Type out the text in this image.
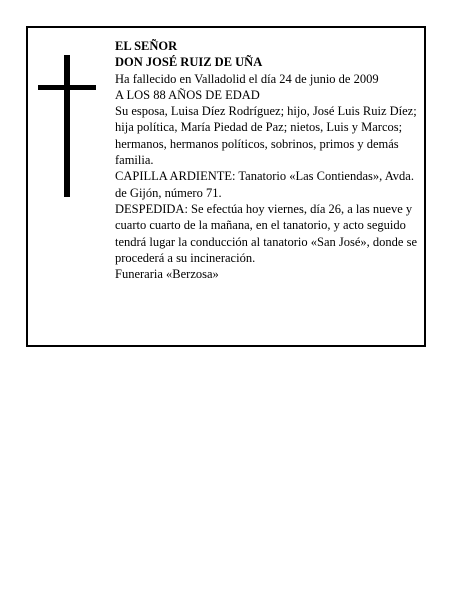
EL SEÑOR

DON JOSÉ RUIZ DE UÑA

Ha fallecido en Valladolid el día 24 de junio de 2009

A LOS 88 AÑOS DE EDAD

Su esposa, Luisa Díez Rodríguez; hijo, José Luis Ruiz Díez; hija política, María Piedad de Paz; nietos, Luis y Marcos; hermanos, hermanos políticos, sobrinos, primos y demás familia.

CAPILLA ARDIENTE: Tanatorio «Las Contiendas», Avda. de Gijón, número 71.

DESPEDIDA: Se efectúa hoy viernes, día 26, a las nueve y cuarto cuarto de la mañana, en el tanatorio, y acto seguido tendrá lugar la conducción al tanatorio «San José», donde se procederá a su incineración.

Funeraria «Berzosa»
